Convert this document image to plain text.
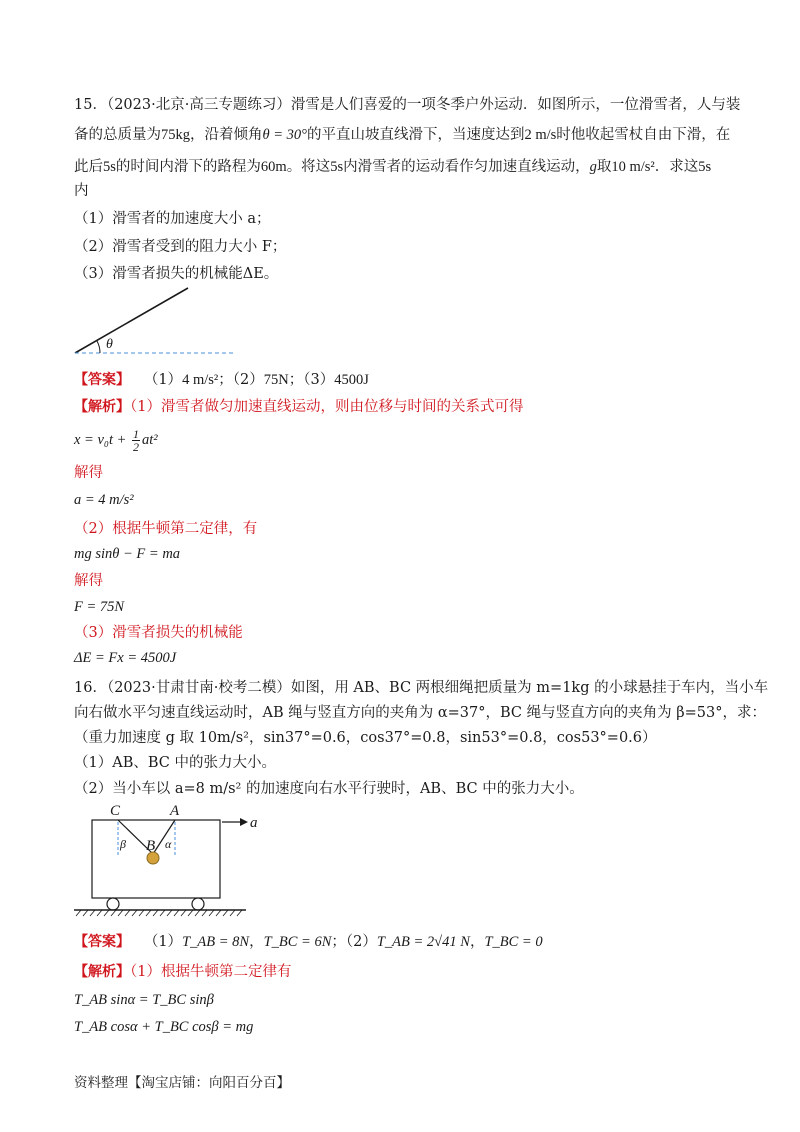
15．（2023·北京·高三专题练习）滑雪是人们喜爱的一项冬季户外运动．如图所示，一位滑雪者，人与装
备的总质量为75kg，沿着倾角θ = 30°的平直山坡直线滑下，当速度达到2 m/s时他收起雪杖自由下滑，在
此后5s的时间内滑下的路程为60m。将这5s内滑雪者的运动看作匀加速直线运动，g取10 m/s²．求这5s
内
（1）滑雪者的加速度大小 a；
（2）滑雪者受到的阻力大小 F；
（3）滑雪者损失的机械能ΔE。
θ
【答案】 （1）4 m/s²；（2）75N；（3）4500J
【解析】（1）滑雪者做匀加速直线运动，则由位移与时间的关系式可得
$x = v_0t + \frac{1}{2} at^2$
解得
a = 4 m/s²
（2）根据牛顿第二定律，有
mg sinθ − F = ma
解得
F = 75N
（3）滑雪者损失的机械能
ΔE = Fx = 4500J
16．（2023·甘肃甘南·校考二模）如图，用 AB、BC 两根细绳把质量为 m=1kg 的小球悬挂于车内，当小车
向右做水平匀速直线运动时，AB 绳与竖直方向的夹角为 α=37°，BC 绳与竖直方向的夹角为 β=53°，求：
（重力加速度 g 取 10m/s²，sin37°=0.6，cos37°=0.8，sin53°=0.8，cos53°=0.6）
（1）AB、BC 中的张力大小。
（2）当小车以 a=8 m/s² 的加速度向右水平行驶时，AB、BC 中的张力大小。
C	A
B
β	α
a
【答案】 （1）T_AB = 8N，T_BC = 6N；（2）T_AB = 2√41 N，T_BC = 0
【解析】（1）根据牛顿第二定律有
T_AB sinα = T_BC sinβ
T_AB cosα + T_BC cosβ = mg
资料整理【淘宝店铺：向阳百分百】
